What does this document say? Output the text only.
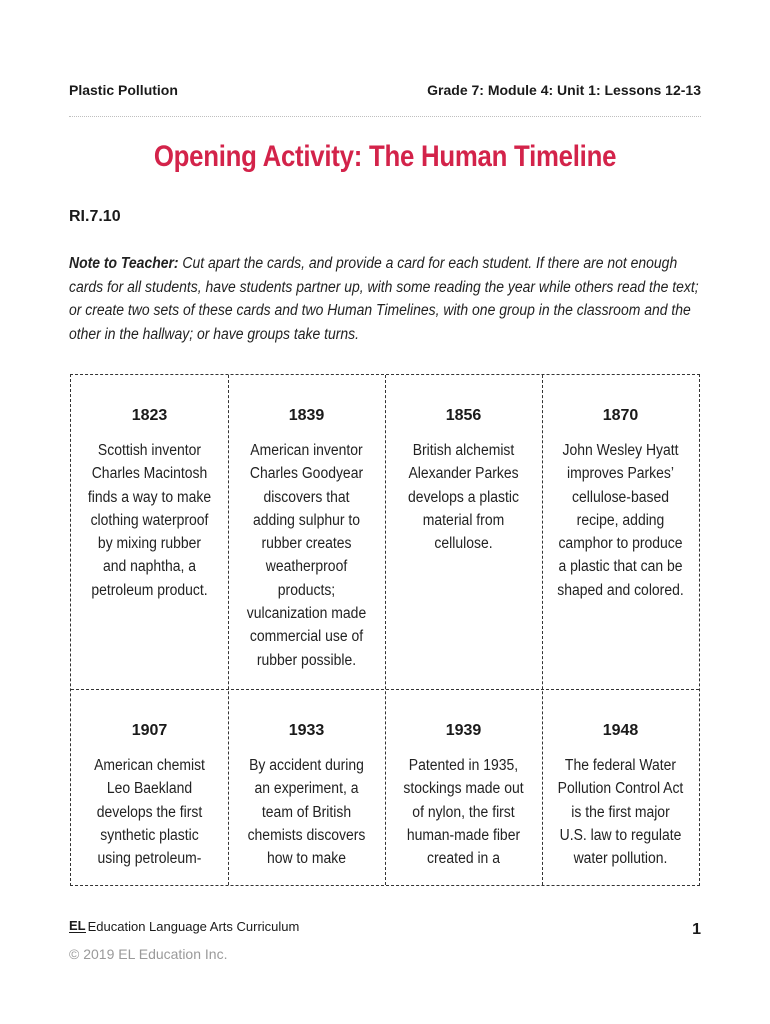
Plastic Pollution	Grade 7: Module 4: Unit 1: Lessons 12-13
Opening Activity: The Human Timeline
RI.7.10
Note to Teacher: Cut apart the cards, and provide a card for each student. If there are not enough cards for all students, have students partner up, with some reading the year while others read the text; or create two sets of these cards and two Human Timelines, with one group in the classroom and the other in the hallway; or have groups take turns.
1823
Scottish inventor Charles Macintosh finds a way to make clothing waterproof by mixing rubber and naphtha, a petroleum product.
1839
American inventor Charles Goodyear discovers that adding sulphur to rubber creates weatherproof products; vulcanization made commercial use of rubber possible.
1856
British alchemist Alexander Parkes develops a plastic material from cellulose.
1870
John Wesley Hyatt improves Parkes’ cellulose-based recipe, adding camphor to produce a plastic that can be shaped and colored.
1907
American chemist Leo Baekland develops the first synthetic plastic using petroleum-
1933
By accident during an experiment, a team of British chemists discovers how to make
1939
Patented in 1935, stockings made out of nylon, the first human-made fiber created in a
1948
The federal Water Pollution Control Act is the first major U.S. law to regulate water pollution.
EL Education Language Arts Curriculum
© 2019 EL Education Inc.
1
